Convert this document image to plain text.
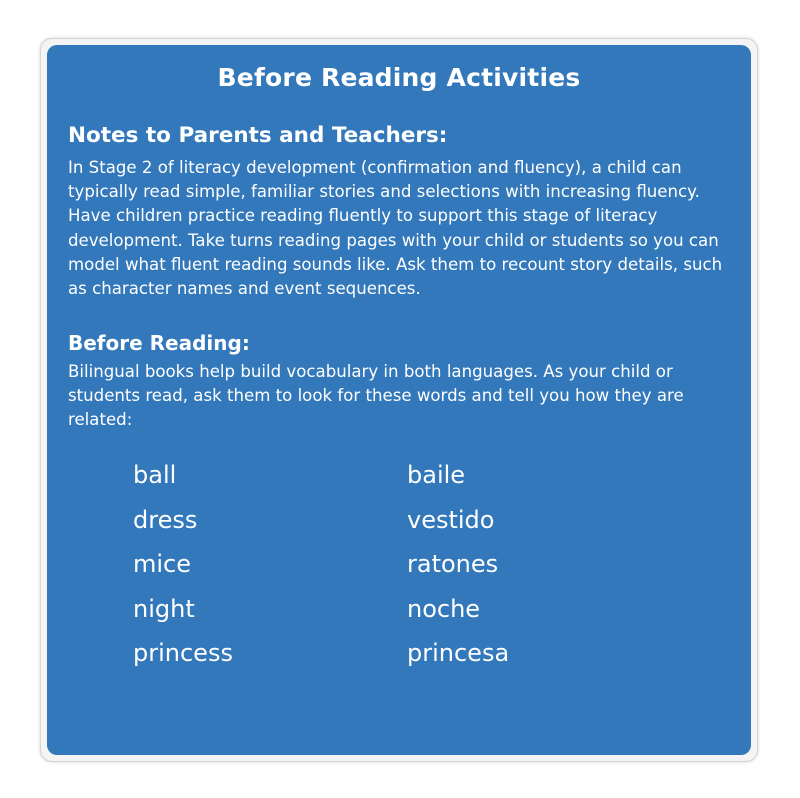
Before Reading Activities
Notes to Parents and Teachers:
In Stage 2 of literacy development (confirmation and fluency), a child can
typically read simple, familiar stories and selections with increasing fluency.
Have children practice reading fluently to support this stage of literacy
development. Take turns reading pages with your child or students so you can
model what fluent reading sounds like. Ask them to recount story details, such
as character names and event sequences.
Before Reading:
Bilingual books help build vocabulary in both languages. As your child or
students read, ask them to look for these words and tell you how they are
related:
ball	baile
dress	vestido
mice	ratones
night	noche
princess	princesa
